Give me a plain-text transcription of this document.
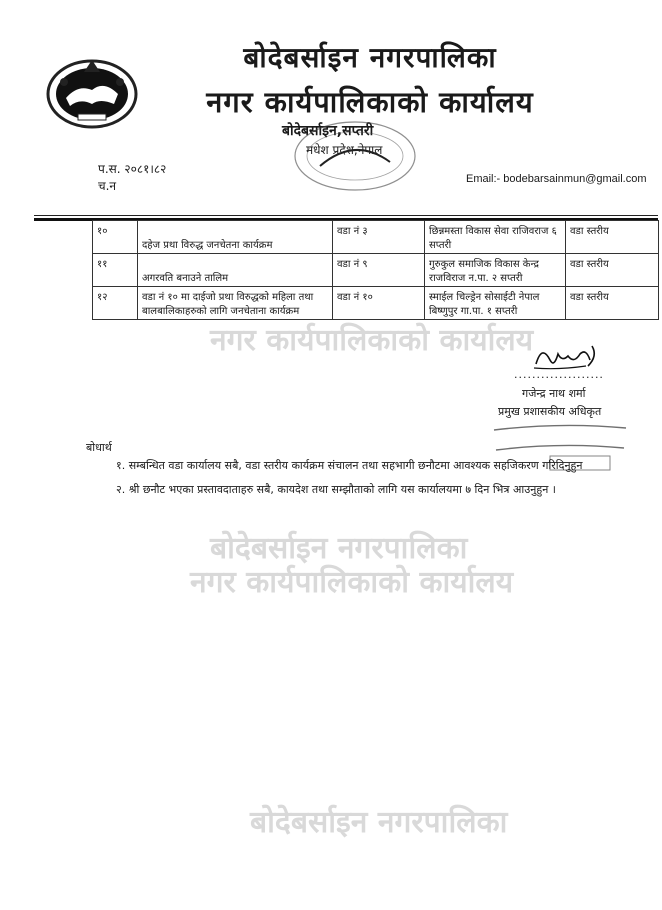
नगर कार्यपालिकाको कार्यालय
बोदेबर्साइन नगरपालिका
नगर कार्यपालिकाको कार्यालय
बोदेबर्साइन नगरपालिका
बोदेबर्साइन नगरपालिका
नगर कार्यपालिकाको कार्यालय
बोदेबर्साइन,सप्तरी
मधेश प्रदेश,नेपाल
प.स. २०८१।८२
च.न	Email:- bodebarsainmun@gmail.com
१०	दहेज प्रथा विरुद्ध जनचेतना कार्यक्रम	वडा नं ३	छिन्नमस्ता विकास सेवा राजिवराज ६ सप्तरी	वडा स्तरीय
११	अगरवति बनाउने तालिम	वडा नं ९	गुरुकुल समाजिक विकास केन्द्र राजविराज न.पा. २ सप्तरी	वडा स्तरीय
१२	वडा नं १० मा दाईजो प्रथा विरुद्धको महिला तथा बालबालिकाहरुको लागि जनचेताना कार्यक्रम	वडा नं १०	स्माईल चिल्ड्रेन सोसाईटी नेपाल बिष्णुपुर गा.पा. १ सप्तरी	वडा स्तरीय
....................
गजेन्द्र नाथ शर्मा
प्रमुख प्रशासकीय अधिकृत
बोधार्थ
१. सम्बन्धित वडा कार्यालय सबै, वडा स्तरीय कार्यक्रम संचालन तथा सहभागी छनौटमा आवश्यक सहजिकरण गरिदिनुहुन
२. श्री छनौट भएका प्रस्तावदाताहरु सबै, कायदेश तथा सम्झौताको लागि यस कार्यालयमा ७ दिन भित्र आउनुहुन ।
